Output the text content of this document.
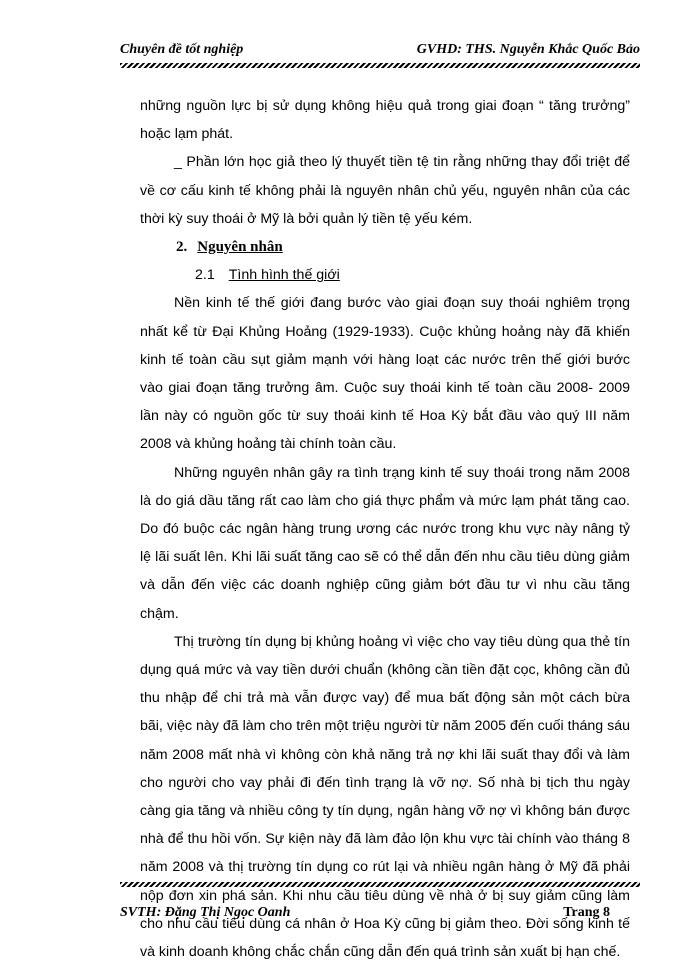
Chuyên đề tốt nghiệp	GVHD: THS. Nguyễn Khắc Quốc Bảo

những nguồn lực bị sử dụng không hiệu quả trong giai đoạn “ tăng trưởng” hoặc lạm phát.

_ Phần lớn học giả theo lý thuyết tiền tệ tin rằng những thay đổi triệt để về cơ cấu kinh tế không phải là nguyên nhân chủ yếu, nguyên nhân của các thời kỳ suy thoái ở Mỹ là bởi quản lý tiền tệ yếu kém.

2. Nguyên nhân

2.1 Tình hình thế giới

Nền kinh tế thế giới đang bước vào giai đoạn suy thoái nghiêm trọng nhất kể từ Đại Khủng Hoảng (1929-1933). Cuộc khủng hoảng này đã khiến kinh tế toàn cầu sụt giảm mạnh với hàng loạt các nước trên thế giới bước vào giai đoạn tăng trưởng âm. Cuộc suy thoái kinh tế toàn cầu 2008- 2009 lần này có nguồn gốc từ suy thoái kinh tế Hoa Kỳ bắt đầu vào quý III năm 2008 và khủng hoảng tài chính toàn cầu.

Những nguyên nhân gây ra tình trạng kinh tế suy thoái trong năm 2008 là do giá dầu tăng rất cao làm cho giá thực phẩm và mức lạm phát tăng cao. Do đó buộc các ngân hàng trung ương các nước trong khu vực này nâng tỷ lệ lãi suất lên. Khi lãi suất tăng cao sẽ có thể dẫn đến nhu cầu tiêu dùng giảm và dẫn đến việc các doanh nghiệp cũng giảm bớt đầu tư vì nhu cầu tăng chậm.

Thị trường tín dụng bị khủng hoảng vì việc cho vay tiêu dùng qua thẻ tín dụng quá mức và vay tiền dưới chuẩn (không cần tiền đặt cọc, không cần đủ thu nhập để chi trả mà vẫn được vay) để mua bất động sản một cách bừa bãi, việc này đã làm cho trên một triệu người từ năm 2005 đến cuối tháng sáu năm 2008 mất nhà vì không còn khả năng trả nợ khi lãi suất thay đổi và làm cho người cho vay phải đi đến tình trạng là vỡ nợ. Số nhà bị tịch thu ngày càng gia tăng và nhiều công ty tín dụng, ngân hàng vỡ nợ vì không bán được nhà để thu hồi vốn. Sự kiện này đã làm đảo lộn khu vực tài chính vào tháng 8 năm 2008 và thị trường tín dụng co rút lại và nhiều ngân hàng ở Mỹ đã phải nộp đơn xin phá sản. Khi nhu cầu tiêu dùng về nhà ở bị suy giảm cũng làm cho nhu cầu tiêu dùng cá nhân ở Hoa Kỳ cũng bị giảm theo. Đời sống kinh tế và kinh doanh không chắc chắn cũng dẫn đến quá trình sản xuất bị hạn chế.

SVTH: Đặng Thị Ngọc Oanh	Trang 8
